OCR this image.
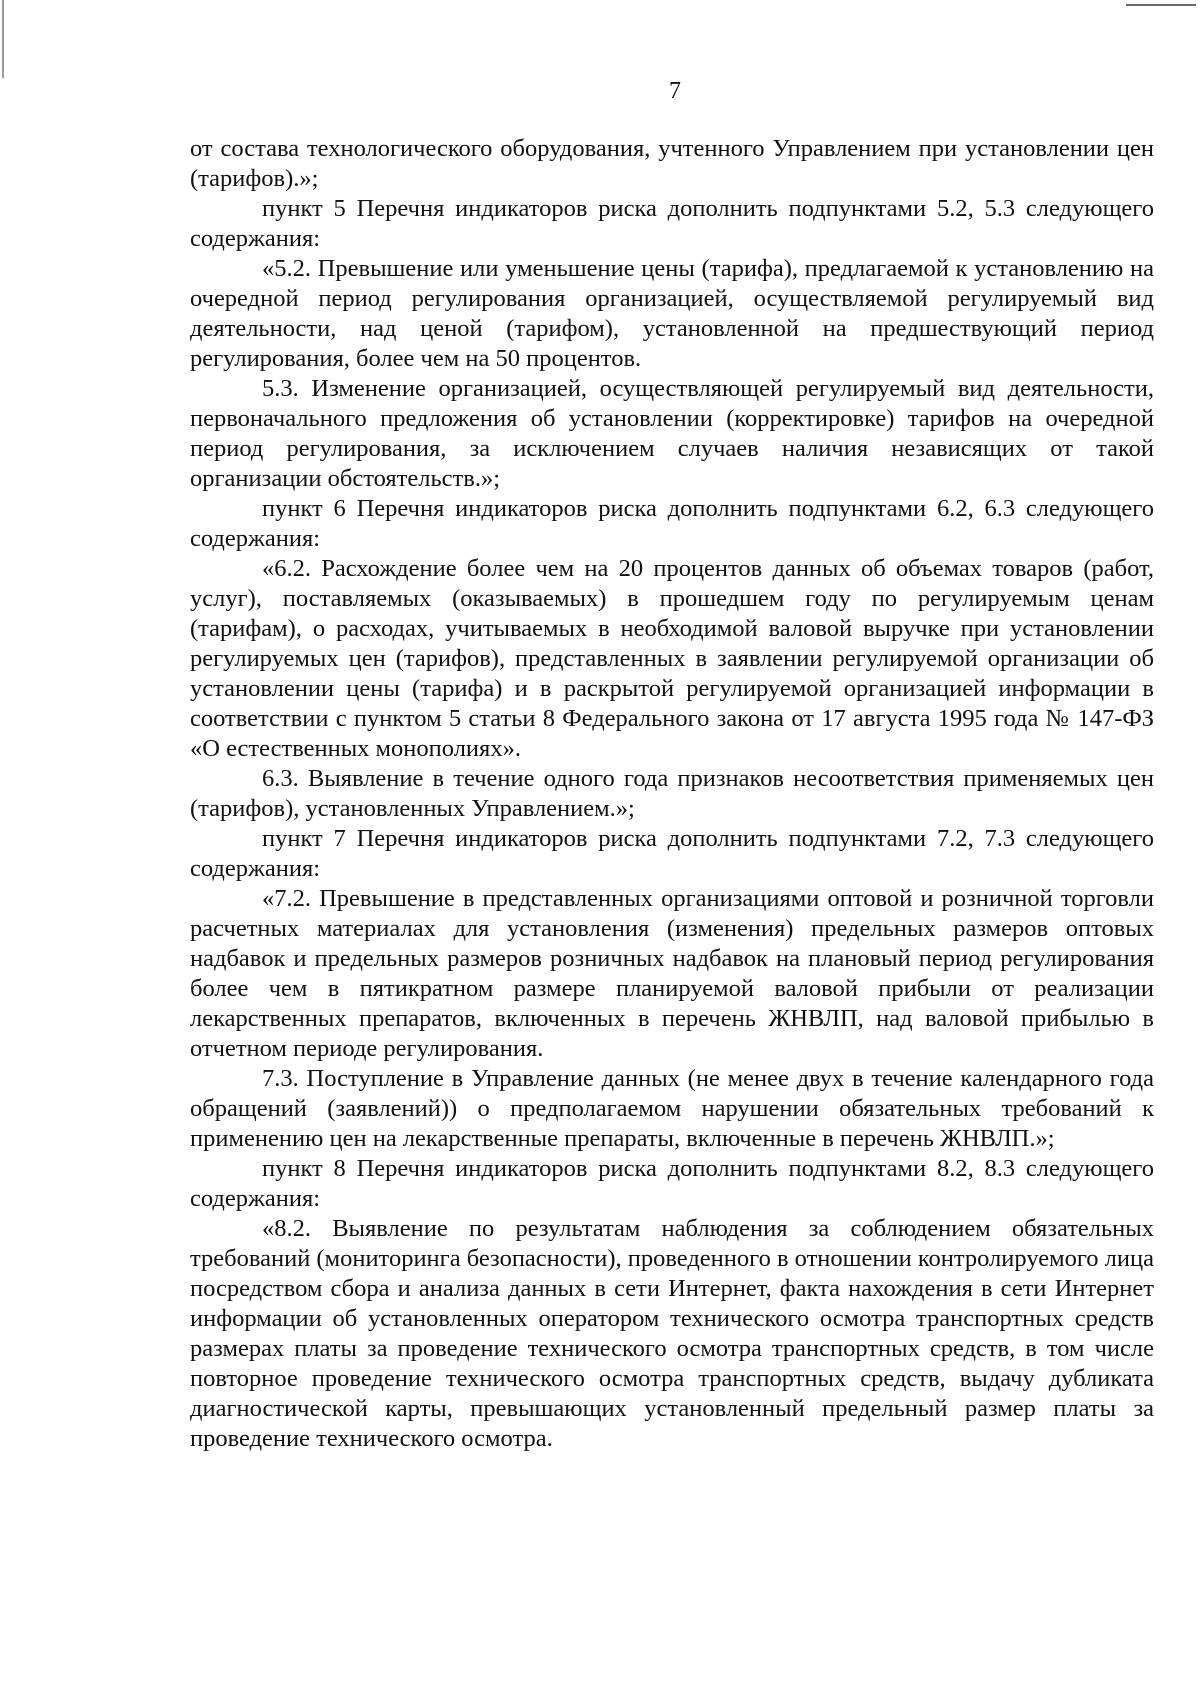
7

от состава технологического оборудования, учтенного Управлением при установлении цен (тарифов).»;

пункт 5 Перечня индикаторов риска дополнить подпунктами 5.2, 5.3 следующего содержания:

«5.2. Превышение или уменьшение цены (тарифа), предлагаемой к установлению на очередной период регулирования организацией, осуществляемой регулируемый вид деятельности, над ценой (тарифом), установленной на предшествующий период регулирования, более чем на 50 процентов.

5.3. Изменение организацией, осуществляющей регулируемый вид деятельности, первоначального предложения об установлении (корректировке) тарифов на очередной период регулирования, за исключением случаев наличия независящих от такой организации обстоятельств.»;

пункт 6 Перечня индикаторов риска дополнить подпунктами 6.2, 6.3 следующего содержания:

«6.2. Расхождение более чем на 20 процентов данных об объемах товаров (работ, услуг), поставляемых (оказываемых) в прошедшем году по регулируемым ценам (тарифам), о расходах, учитываемых в необходимой валовой выручке при установлении регулируемых цен (тарифов), представленных в заявлении регулируемой организации об установлении цены (тарифа) и в раскрытой регулируемой организацией информации в соответствии с пунктом 5 статьи 8 Федерального закона от 17 августа 1995 года № 147-ФЗ «О естественных монополиях».

6.3. Выявление в течение одного года признаков несоответствия применяемых цен (тарифов), установленных Управлением.»;

пункт 7 Перечня индикаторов риска дополнить подпунктами 7.2, 7.3 следующего содержания:

«7.2. Превышение в представленных организациями оптовой и розничной торговли расчетных материалах для установления (изменения) предельных размеров оптовых надбавок и предельных размеров розничных надбавок на плановый период регулирования более чем в пятикратном размере планируемой валовой прибыли от реализации лекарственных препаратов, включенных в перечень ЖНВЛП, над валовой прибылью в отчетном периоде регулирования.

7.3. Поступление в Управление данных (не менее двух в течение календарного года обращений (заявлений)) о предполагаемом нарушении обязательных требований к применению цен на лекарственные препараты, включенные в перечень ЖНВЛП.»;

пункт 8 Перечня индикаторов риска дополнить подпунктами 8.2, 8.3 следующего содержания:

«8.2. Выявление по результатам наблюдения за соблюдением обязательных требований (мониторинга безопасности), проведенного в отношении контролируемого лица посредством сбора и анализа данных в сети Интернет, факта нахождения в сети Интернет информации об установленных оператором технического осмотра транспортных средств размерах платы за проведение технического осмотра транспортных средств, в том числе повторное проведение технического осмотра транспортных средств, выдачу дубликата диагностической карты, превышающих установленный предельный размер платы за проведение технического осмотра.
